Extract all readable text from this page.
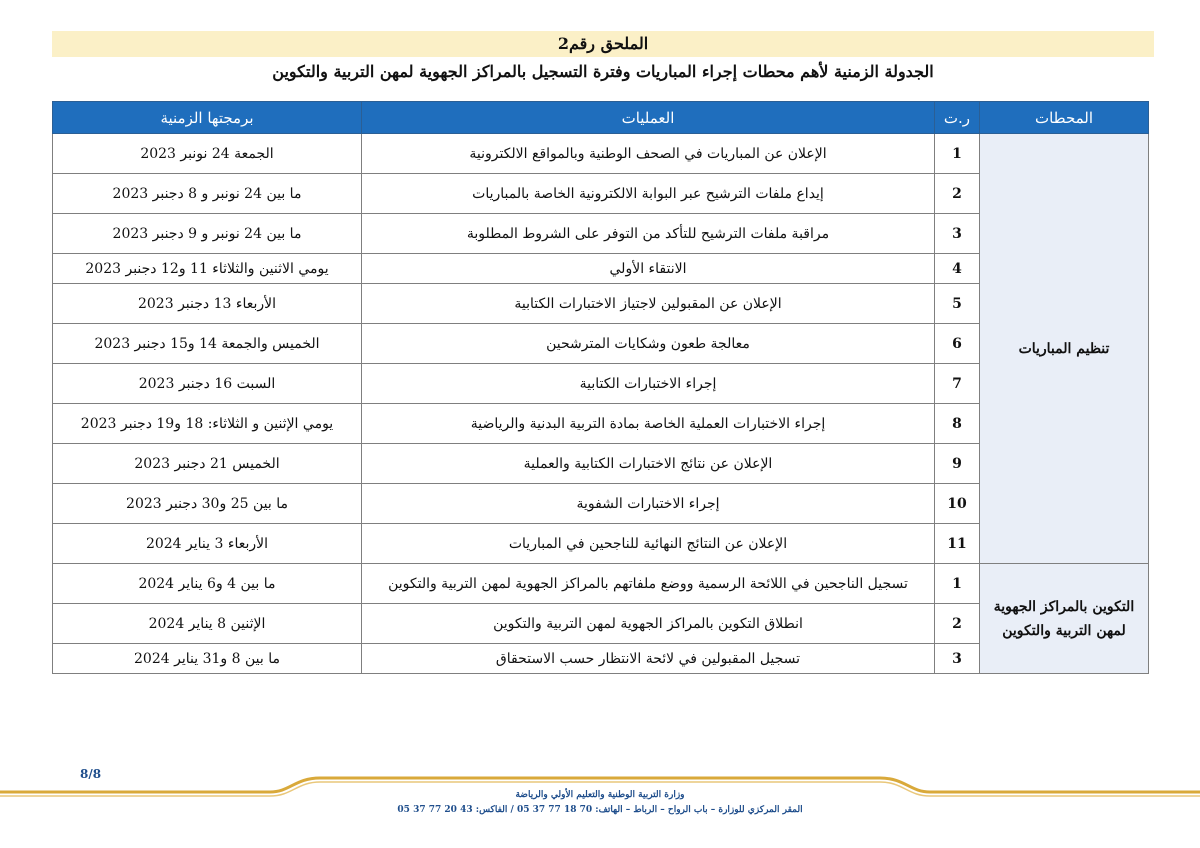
الملحق رقم2
الجدولة الزمنية لأهم محطات إجراء المباريات وفترة التسجيل بالمراكز الجهوية لمهن التربية والتكوين
المحطات	ر.ت	العمليات	برمجتها الزمنية
تنظيم المباريات	1	الإعلان عن المباريات في الصحف الوطنية وبالمواقع الالكترونية	الجمعة 24 نونبر 2023
	2	إيداع ملفات الترشيح عبر البوابة الالكترونية الخاصة بالمباريات	ما بين 24 نونبر و 8 دجنبر 2023
	3	مراقبة ملفات الترشيح للتأكد من التوفر على الشروط المطلوبة	ما بين 24 نونبر و 9 دجنبر 2023
	4	الانتقاء الأولي	يومي الاثنين والثلاثاء 11 و12 دجنبر 2023
	5	الإعلان عن المقبولين لاجتياز الاختبارات الكتابية	الأربعاء 13 دجنبر 2023
	6	معالجة طعون وشكايات المترشحين	الخميس والجمعة 14 و15 دجنبر 2023
	7	إجراء الاختبارات الكتابية	السبت 16 دجنبر 2023
	8	إجراء الاختبارات العملية الخاصة بمادة التربية البدنية والرياضية	يومي الإثنين و الثلاثاء: 18 و19 دجنبر 2023
	9	الإعلان عن نتائج الاختبارات الكتابية والعملية	الخميس 21 دجنبر 2023
	10	إجراء الاختبارات الشفوية	ما بين 25 و30 دجنبر 2023
	11	الإعلان عن النتائج النهائية للناجحين في المباريات	الأربعاء 3 يناير 2024
التكوين بالمراكز الجهوية لمهن التربية والتكوين	1	تسجيل الناجحين في اللائحة الرسمية ووضع ملفاتهم بالمراكز الجهوية لمهن التربية والتكوين	ما بين 4 و6 يناير 2024
	2	انطلاق التكوين بالمراكز الجهوية لمهن التربية والتكوين	الإثنين 8 يناير 2024
	3	تسجيل المقبولين في لائحة الانتظار حسب الاستحقاق	ما بين 8 و31 يناير 2024
8/8
وزارة التربية الوطنية والتعليم الأولي والرياضة
المقر المركزي للوزارة – باب الرواح – الرباط – الهاتف: 70 18 77 37 05 / الفاكس: 43 20 77 37 05
